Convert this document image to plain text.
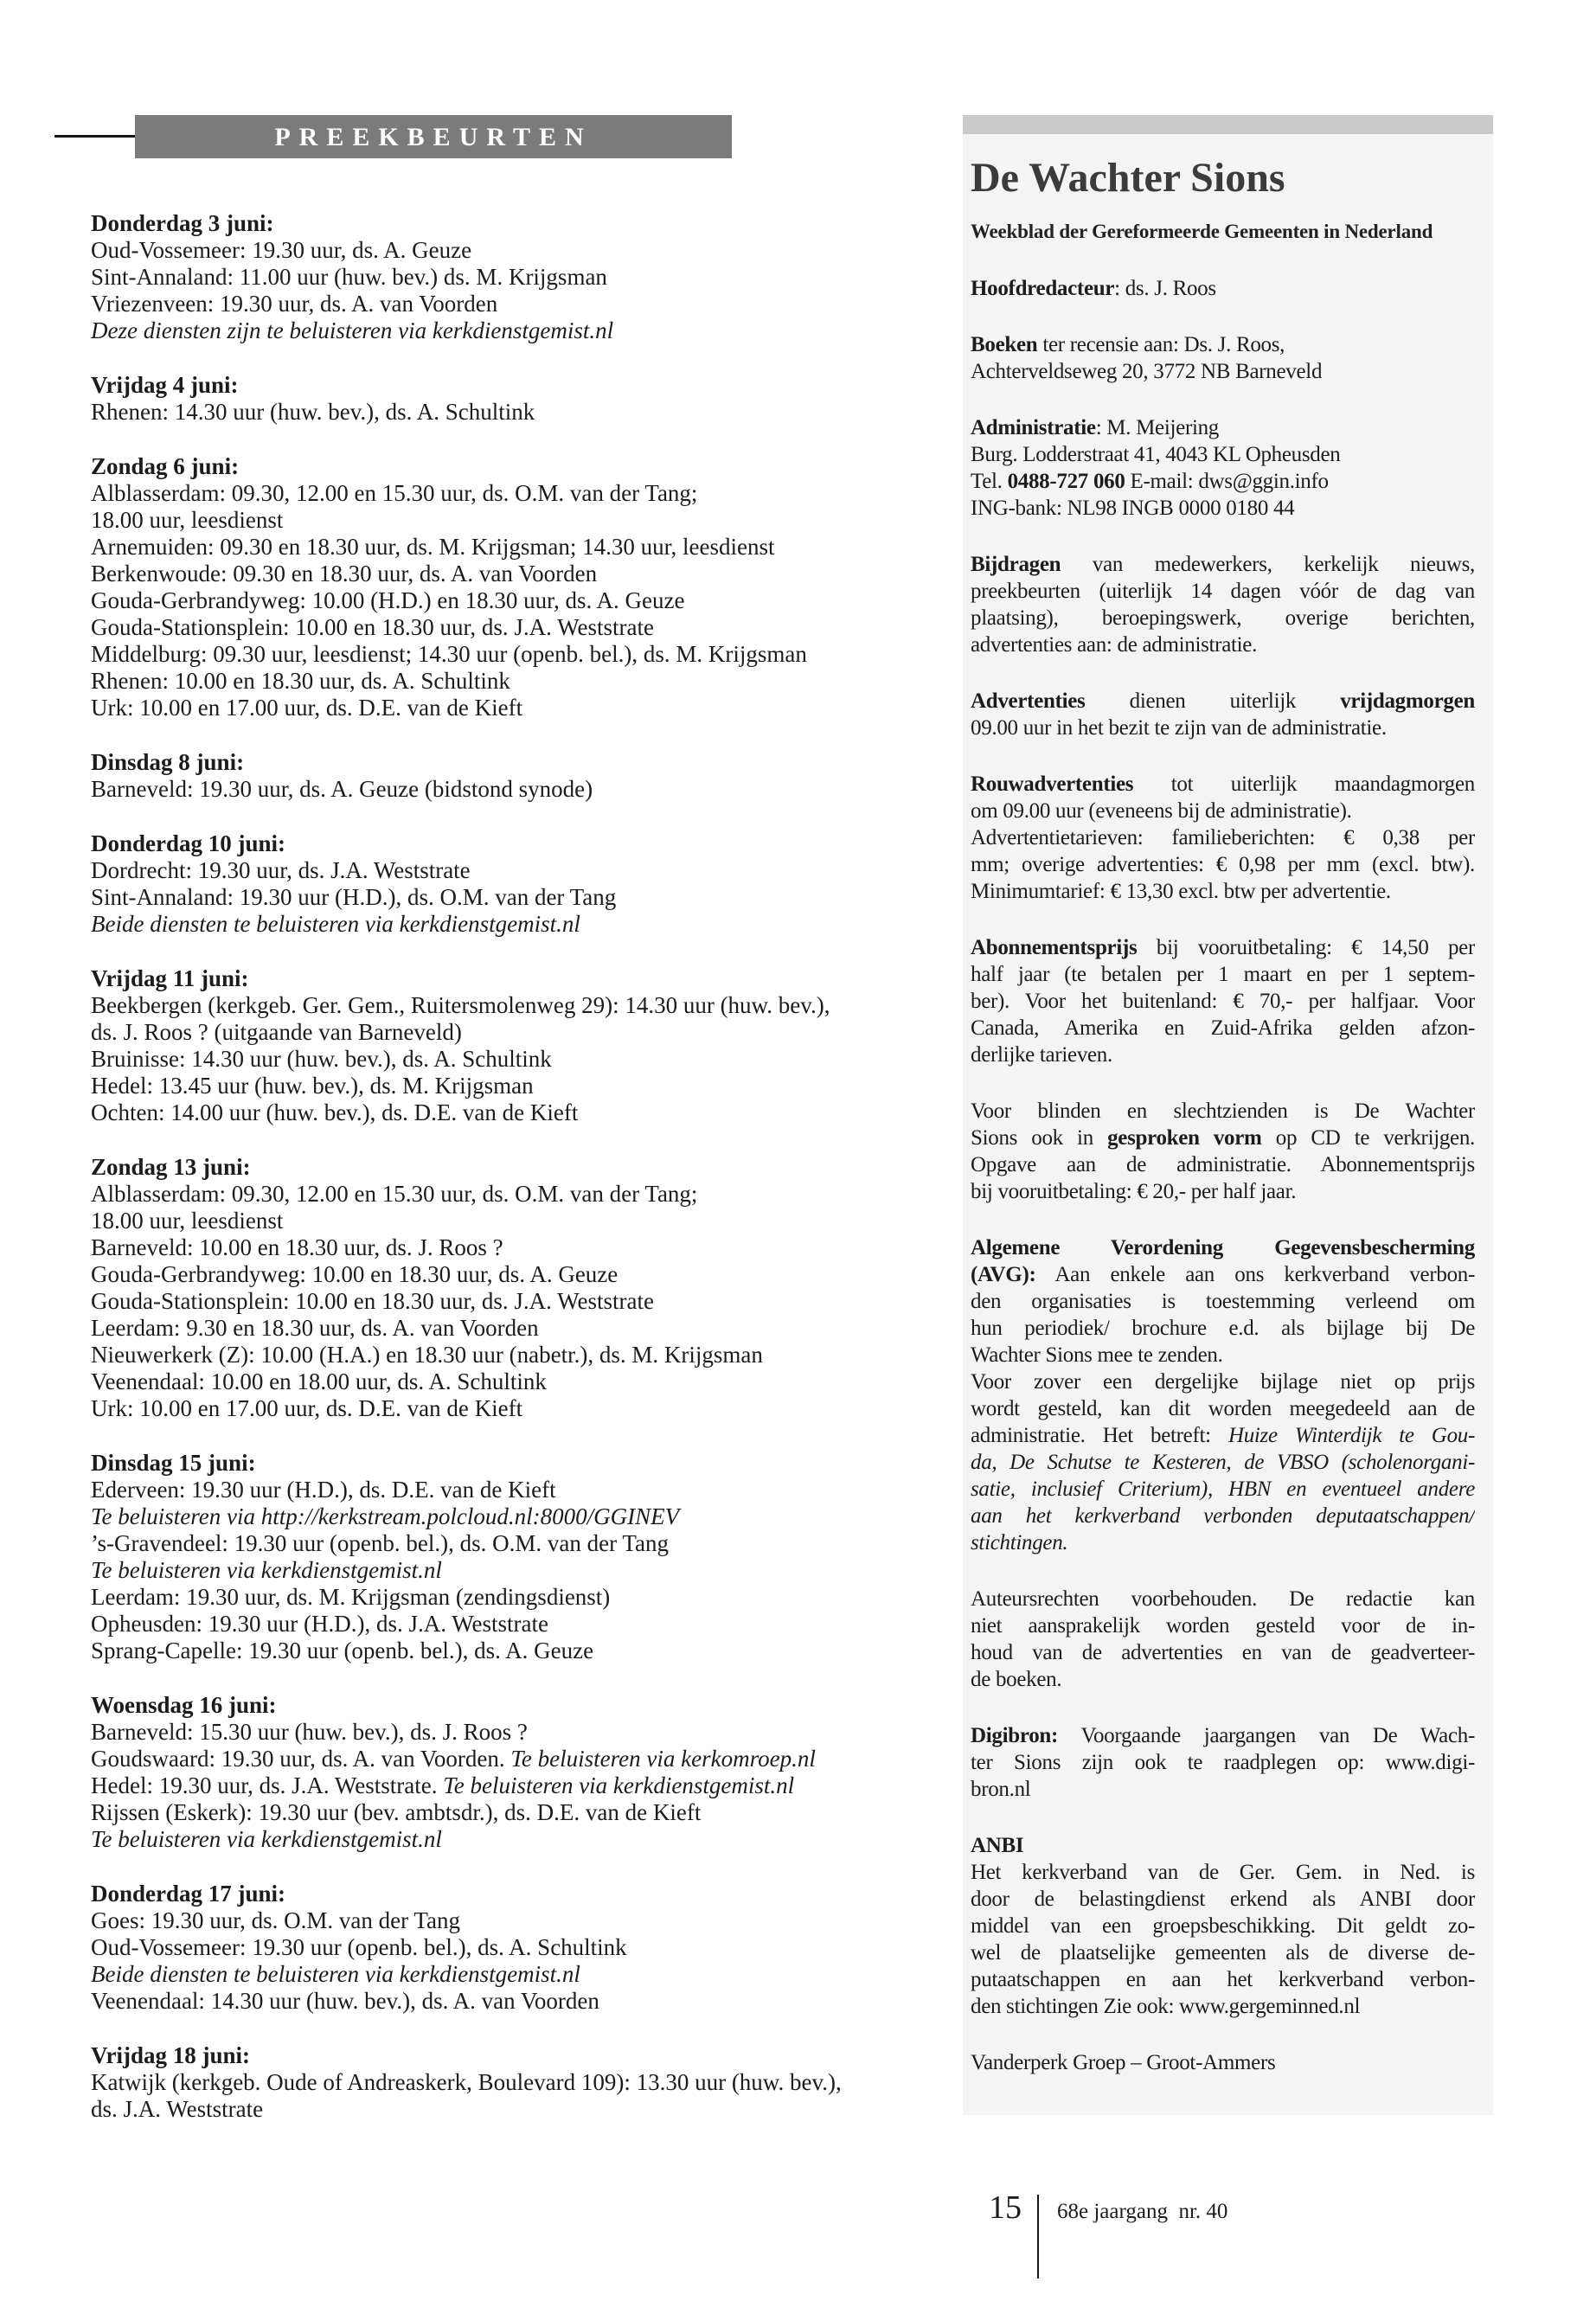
PREEKBEURTEN
Donderdag 3 juni:
Oud-Vossemeer: 19.30 uur, ds. A. Geuze
Sint-Annaland: 11.00 uur (huw. bev.) ds. M. Krijgsman
Vriezenveen: 19.30 uur, ds. A. van Voorden
Deze diensten zijn te beluisteren via kerkdienstgemist.nl
Vrijdag 4 juni:
Rhenen: 14.30 uur (huw. bev.), ds. A. Schultink
Zondag 6 juni:
Alblasserdam: 09.30, 12.00 en 15.30 uur, ds. O.M. van der Tang;
18.00 uur, leesdienst
Arnemuiden: 09.30 en 18.30 uur, ds. M. Krijgsman; 14.30 uur, leesdienst
Berkenwoude: 09.30 en 18.30 uur, ds. A. van Voorden
Gouda-Gerbrandyweg: 10.00 (H.D.) en 18.30 uur, ds. A. Geuze
Gouda-Stationsplein: 10.00 en 18.30 uur, ds. J.A. Weststrate
Middelburg: 09.30 uur, leesdienst; 14.30 uur (openb. bel.), ds. M. Krijgsman
Rhenen: 10.00 en 18.30 uur, ds. A. Schultink
Urk: 10.00 en 17.00 uur, ds. D.E. van de Kieft
Dinsdag 8 juni:
Barneveld: 19.30 uur, ds. A. Geuze (bidstond synode)
Donderdag 10 juni:
Dordrecht: 19.30 uur, ds. J.A. Weststrate
Sint-Annaland: 19.30 uur (H.D.), ds. O.M. van der Tang
Beide diensten te beluisteren via kerkdienstgemist.nl
Vrijdag 11 juni:
Beekbergen (kerkgeb. Ger. Gem., Ruitersmolenweg 29): 14.30 uur (huw. bev.),
ds. J. Roos ? (uitgaande van Barneveld)
Bruinisse: 14.30 uur (huw. bev.), ds. A. Schultink
Hedel: 13.45 uur (huw. bev.), ds. M. Krijgsman
Ochten: 14.00 uur (huw. bev.), ds. D.E. van de Kieft
Zondag 13 juni:
Alblasserdam: 09.30, 12.00 en 15.30 uur, ds. O.M. van der Tang;
18.00 uur, leesdienst
Barneveld: 10.00 en 18.30 uur, ds. J. Roos ?
Gouda-Gerbrandyweg: 10.00 en 18.30 uur, ds. A. Geuze
Gouda-Stationsplein: 10.00 en 18.30 uur, ds. J.A. Weststrate
Leerdam: 9.30 en 18.30 uur, ds. A. van Voorden
Nieuwerkerk (Z): 10.00 (H.A.) en 18.30 uur (nabetr.), ds. M. Krijgsman
Veenendaal: 10.00 en 18.00 uur, ds. A. Schultink
Urk: 10.00 en 17.00 uur, ds. D.E. van de Kieft
Dinsdag 15 juni:
Ederveen: 19.30 uur (H.D.), ds. D.E. van de Kieft
Te beluisteren via http://kerkstream.polcloud.nl:8000/GGINEV
’s-Gravendeel: 19.30 uur (openb. bel.), ds. O.M. van der Tang
Te beluisteren via kerkdienstgemist.nl
Leerdam: 19.30 uur, ds. M. Krijgsman (zendingsdienst)
Opheusden: 19.30 uur (H.D.), ds. J.A. Weststrate
Sprang-Capelle: 19.30 uur (openb. bel.), ds. A. Geuze
Woensdag 16 juni:
Barneveld: 15.30 uur (huw. bev.), ds. J. Roos ?
Goudswaard: 19.30 uur, ds. A. van Voorden. Te beluisteren via kerkomroep.nl
Hedel: 19.30 uur, ds. J.A. Weststrate. Te beluisteren via kerkdienstgemist.nl
Rijssen (Eskerk): 19.30 uur (bev. ambtsdr.), ds. D.E. van de Kieft
Te beluisteren via kerkdienstgemist.nl
Donderdag 17 juni:
Goes: 19.30 uur, ds. O.M. van der Tang
Oud-Vossemeer: 19.30 uur (openb. bel.), ds. A. Schultink
Beide diensten te beluisteren via kerkdienstgemist.nl
Veenendaal: 14.30 uur (huw. bev.), ds. A. van Voorden
Vrijdag 18 juni:
Katwijk (kerkgeb. Oude of Andreaskerk, Boulevard 109): 13.30 uur (huw. bev.),
ds. J.A. Weststrate
De Wachter Sions
Weekblad der Gereformeerde Gemeenten in Nederland
Hoofdredacteur: ds. J. Roos
Boeken ter recensie aan: Ds. J. Roos,
Achterveldseweg 20, 3772 NB Barneveld
Administratie: M. Meijering
Burg. Lodderstraat 41, 4043 KL Opheusden
Tel. 0488-727 060 E-mail: dws@ggin.info
ING-bank: NL98 INGB 0000 0180 44
Bijdragen van medewerkers, kerkelijk nieuws,
preekbeurten (uiterlijk 14 dagen vóór de dag van
plaatsing), beroepingswerk, overige berichten,
advertenties aan: de administratie.
Advertenties dienen uiterlijk vrijdagmorgen
09.00 uur in het bezit te zijn van de administratie.
Rouwadvertenties tot uiterlijk maandagmorgen
om 09.00 uur (eveneens bij de administratie).
Advertentietarieven: familieberichten: € 0,38 per
mm; overige advertenties: € 0,98 per mm (excl. btw).
Minimumtarief: € 13,30 excl. btw per advertentie.
Abonnementsprijs bij vooruitbetaling: € 14,50 per
half jaar (te betalen per 1 maart en per 1 septem-
ber). Voor het buitenland: € 70,- per halfjaar. Voor
Canada, Amerika en Zuid-Afrika gelden afzon-
derlijke tarieven.
Voor blinden en slechtzienden is De Wachter
Sions ook in gesproken vorm op CD te verkrijgen.
Opgave aan de administratie. Abonnementsprijs
bij vooruitbetaling: € 20,- per half jaar.
Algemene Verordening Gegevensbescherming
(AVG): Aan enkele aan ons kerkverband verbon-
den organisaties is toestemming verleend om
hun periodiek/ brochure e.d. als bijlage bij De
Wachter Sions mee te zenden.
Voor zover een dergelijke bijlage niet op prijs
wordt gesteld, kan dit worden meegedeeld aan de
administratie. Het betreft: Huize Winterdijk te Gou-
da, De Schutse te Kesteren, de VBSO (scholenorgani-
satie, inclusief Criterium), HBN en eventueel andere
aan het kerkverband verbonden deputaatschappen/
stichtingen.
Auteursrechten voorbehouden. De redactie kan
niet aansprakelijk worden gesteld voor de in-
houd van de advertenties en van de geadverteer-
de boeken.
Digibron: Voorgaande jaargangen van De Wach-
ter Sions zijn ook te raadplegen op: www.digi-
bron.nl
ANBI
Het kerkverband van de Ger. Gem. in Ned. is
door de belastingdienst erkend als ANBI door
middel van een groepsbeschikking. Dit geldt zo-
wel de plaatselijke gemeenten als de diverse de-
putaatschappen en aan het kerkverband verbon-
den stichtingen Zie ook: www.gergeminned.nl
Vanderperk Groep – Groot-Ammers
15 68e jaargang  nr. 40
